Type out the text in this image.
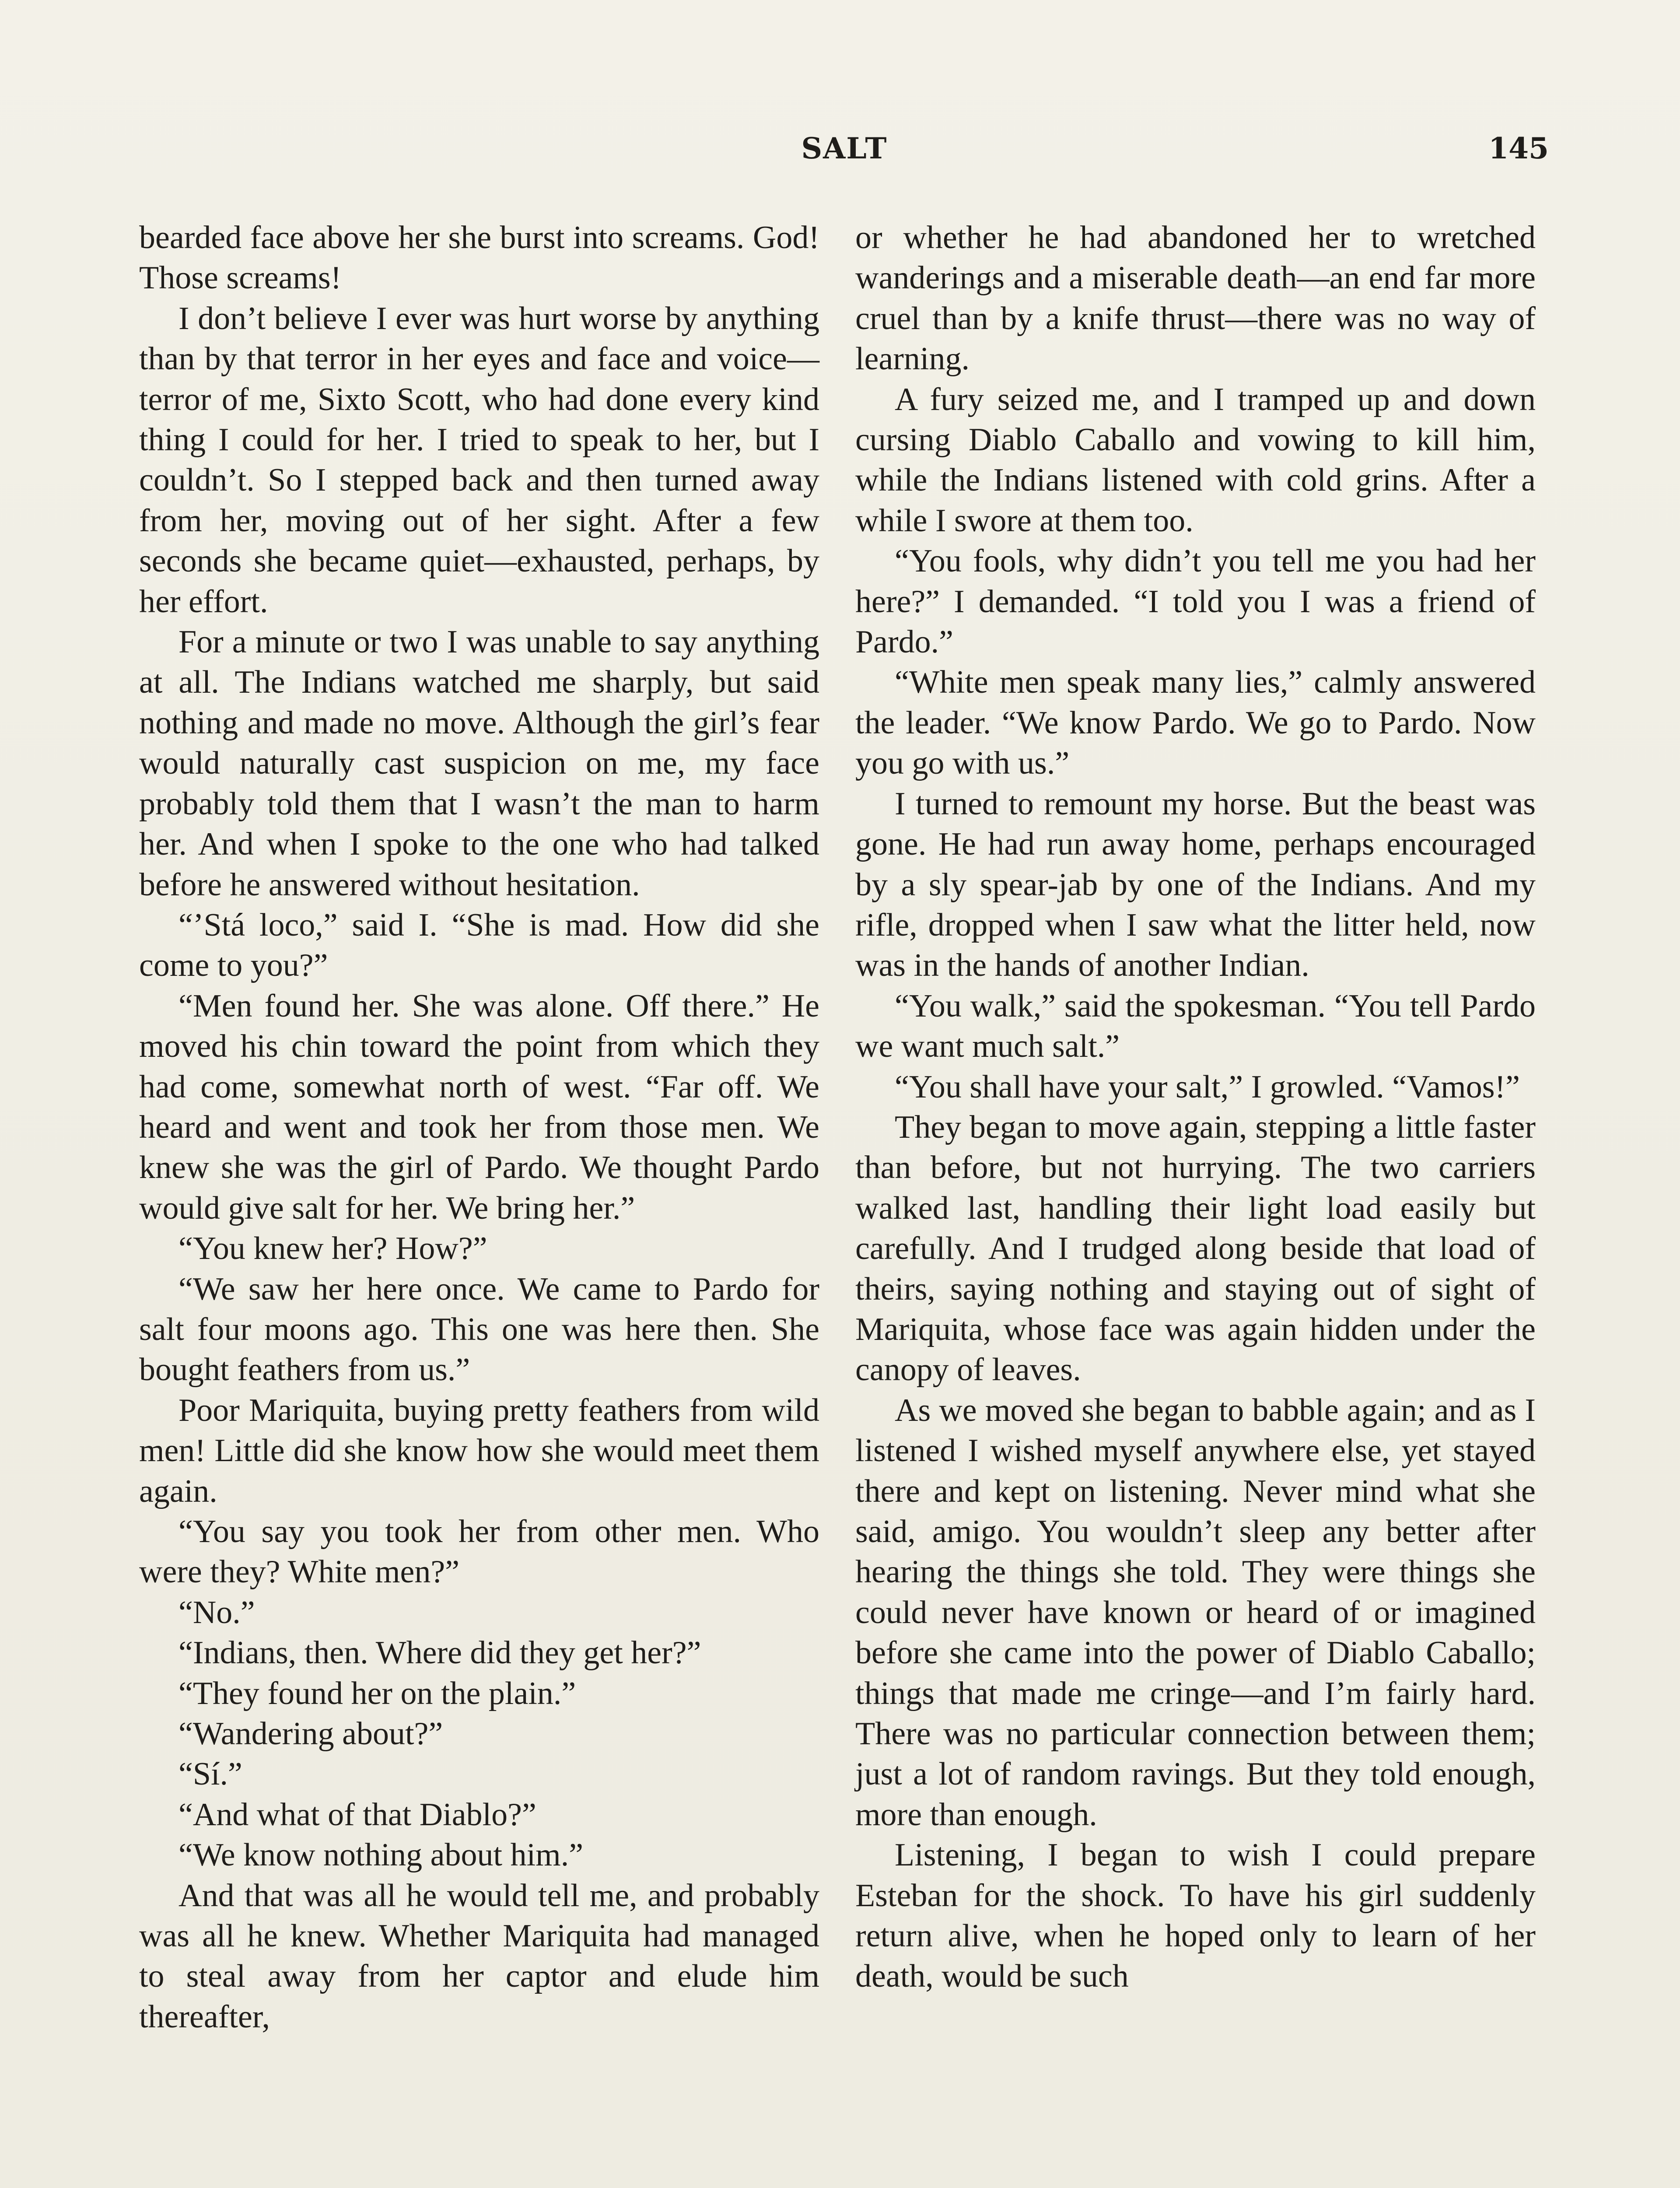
SALT	145

bearded face above her she burst into screams. God! Those screams!

I don’t believe I ever was hurt worse by anything than by that terror in her eyes and face and voice—terror of me, Sixto Scott, who had done every kind thing I could for her. I tried to speak to her, but I couldn’t. So I stepped back and then turned away from her, moving out of her sight. After a few seconds she became quiet—exhausted, perhaps, by her effort.

For a minute or two I was unable to say anything at all. The Indians watched me sharply, but said nothing and made no move. Although the girl’s fear would naturally cast suspicion on me, my face probably told them that I wasn’t the man to harm her. And when I spoke to the one who had talked before he answered without hesitation.

“’Stá loco,” said I. “She is mad. How did she come to you?”

“Men found her. She was alone. Off there.” He moved his chin toward the point from which they had come, somewhat north of west. “Far off. We heard and went and took her from those men. We knew she was the girl of Pardo. We thought Pardo would give salt for her. We bring her.”

“You knew her? How?”

“We saw her here once. We came to Pardo for salt four moons ago. This one was here then. She bought feathers from us.”

Poor Mariquita, buying pretty feathers from wild men! Little did she know how she would meet them again.

“You say you took her from other men. Who were they? White men?”

“No.”

“Indians, then. Where did they get her?”

“They found her on the plain.”

“Wandering about?”

“Sí.”

“And what of that Diablo?”

“We know nothing about him.”

And that was all he would tell me, and probably was all he knew. Whether Mariquita had managed to steal away from her captor and elude him thereafter,

or whether he had abandoned her to wretched wanderings and a miserable death—an end far more cruel than by a knife thrust—there was no way of learning.

A fury seized me, and I tramped up and down cursing Diablo Caballo and vowing to kill him, while the Indians listened with cold grins. After a while I swore at them too.

“You fools, why didn’t you tell me you had her here?” I demanded. “I told you I was a friend of Pardo.”

“White men speak many lies,” calmly answered the leader. “We know Pardo. We go to Pardo. Now you go with us.”

I turned to remount my horse. But the beast was gone. He had run away home, perhaps encouraged by a sly spear-jab by one of the Indians. And my rifle, dropped when I saw what the litter held, now was in the hands of another Indian.

“You walk,” said the spokesman. “You tell Pardo we want much salt.”

“You shall have your salt,” I growled. “Vamos!”

They began to move again, stepping a little faster than before, but not hurrying. The two carriers walked last, handling their light load easily but carefully. And I trudged along beside that load of theirs, saying nothing and staying out of sight of Mariquita, whose face was again hidden under the canopy of leaves.

As we moved she began to babble again; and as I listened I wished myself anywhere else, yet stayed there and kept on listening. Never mind what she said, amigo. You wouldn’t sleep any better after hearing the things she told. They were things she could never have known or heard of or imagined before she came into the power of Diablo Caballo; things that made me cringe—and I’m fairly hard. There was no particular connection between them; just a lot of random ravings. But they told enough, more than enough.

Listening, I began to wish I could prepare Esteban for the shock. To have his girl suddenly return alive, when he hoped only to learn of her death, would be such
